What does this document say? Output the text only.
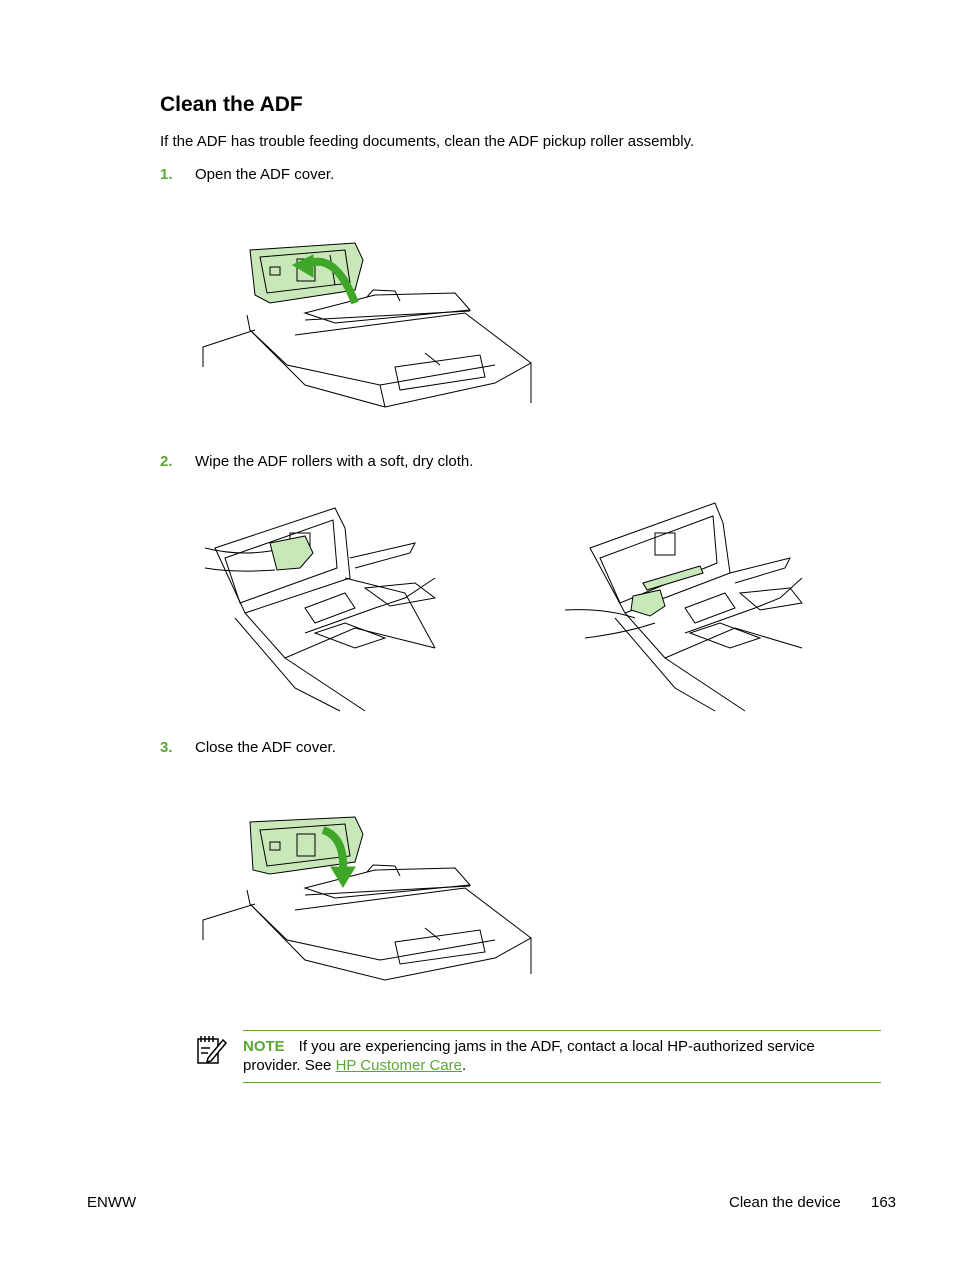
Clean the ADF
If the ADF has trouble feeding documents, clean the ADF pickup roller assembly.
1. Open the ADF cover.
2. Wipe the ADF rollers with a soft, dry cloth.
3. Close the ADF cover.
NOTE If you are experiencing jams in the ADF, contact a local HP-authorized service provider. See HP Customer Care.
ENWW	Clean the device 163
